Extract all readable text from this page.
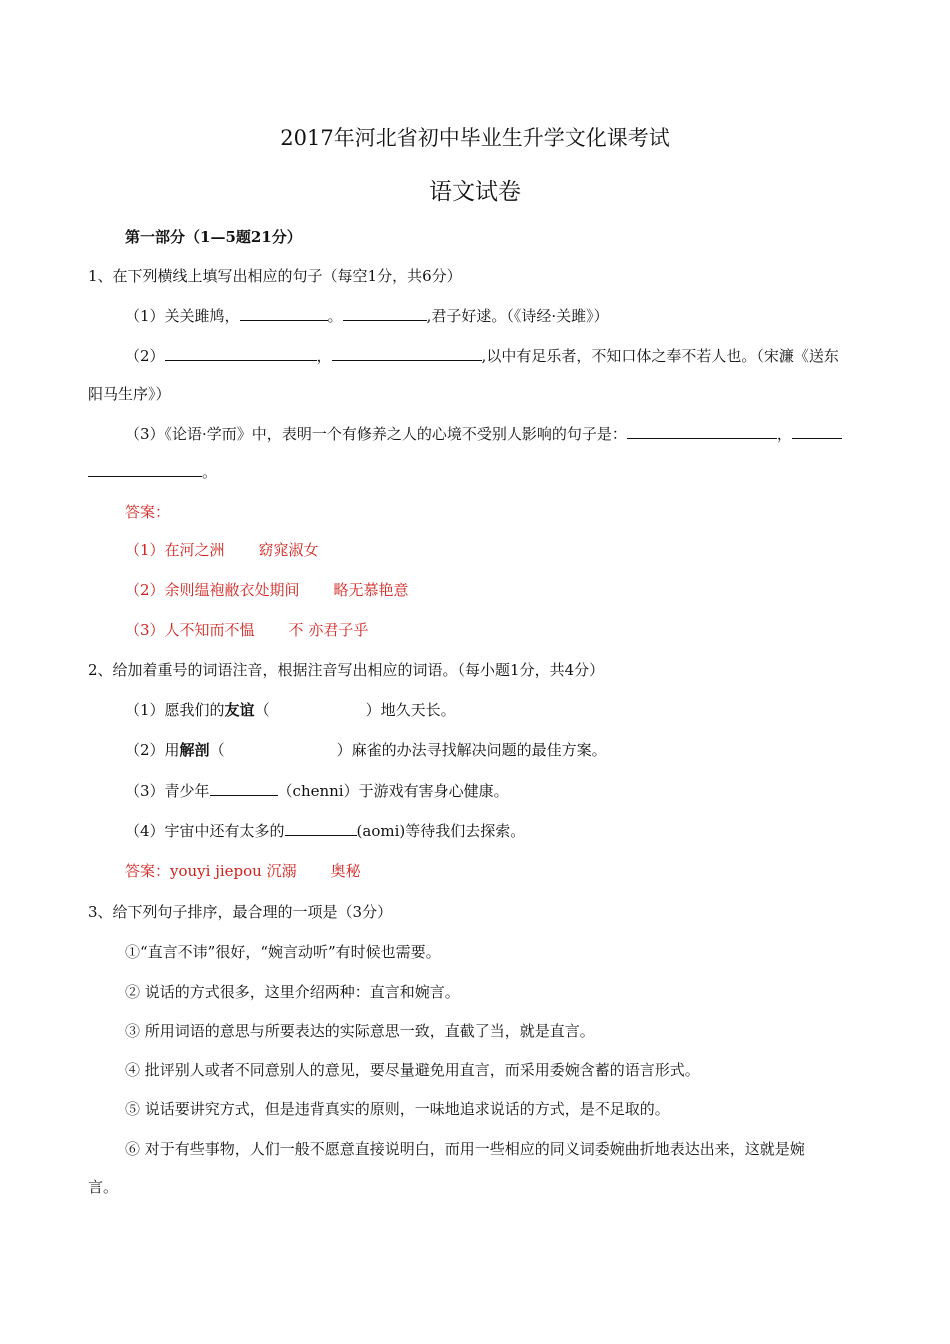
2017年河北省初中毕业生升学文化课考试
语文试卷
第一部分（1—5题21分）
1、在下列横线上填写出相应的句子（每空1分，共6分）
（1）关关雎鸠，	。	,君子好逑。（《诗经·关雎》）
（2）	，	,以中有足乐者，不知口体之奉不若人也。（宋濂《送东
阳马生序》）
（3）《论语·学而》中，表明一个有修养之人的心境不受别人影响的句子是：	，
。
答案：
（1）在河之洲 窈窕淑女
（2）余则缊袍敝衣处期间 略无慕艳意
（3）人不知而不愠 不 亦君子乎
2、给加着重号的词语注音，根据注音写出相应的词语。（每小题1分，共4分）
（1）愿我们的友谊（	）地久天长。
（2）用解剖（	）麻雀的办法寻找解决问题的最佳方案。
（3）青少年	（chenni）于游戏有害身心健康。
（4）宇宙中还有太多的	(aomi)等待我们去探索。
答案：youyi jiepou 沉溺 奥秘
3、给下列句子排序，最合理的一项是（3分）
①“直言不讳”很好，“婉言动听”有时候也需要。
② 说话的方式很多，这里介绍两种：直言和婉言。
③ 所用词语的意思与所要表达的实际意思一致，直截了当，就是直言。
④ 批评别人或者不同意别人的意见，要尽量避免用直言，而采用委婉含蓄的语言形式。
⑤ 说话要讲究方式，但是违背真实的原则，一味地追求说话的方式，是不足取的。
⑥ 对于有些事物，人们一般不愿意直接说明白，而用一些相应的同义词委婉曲折地表达出来，这就是婉
言。
